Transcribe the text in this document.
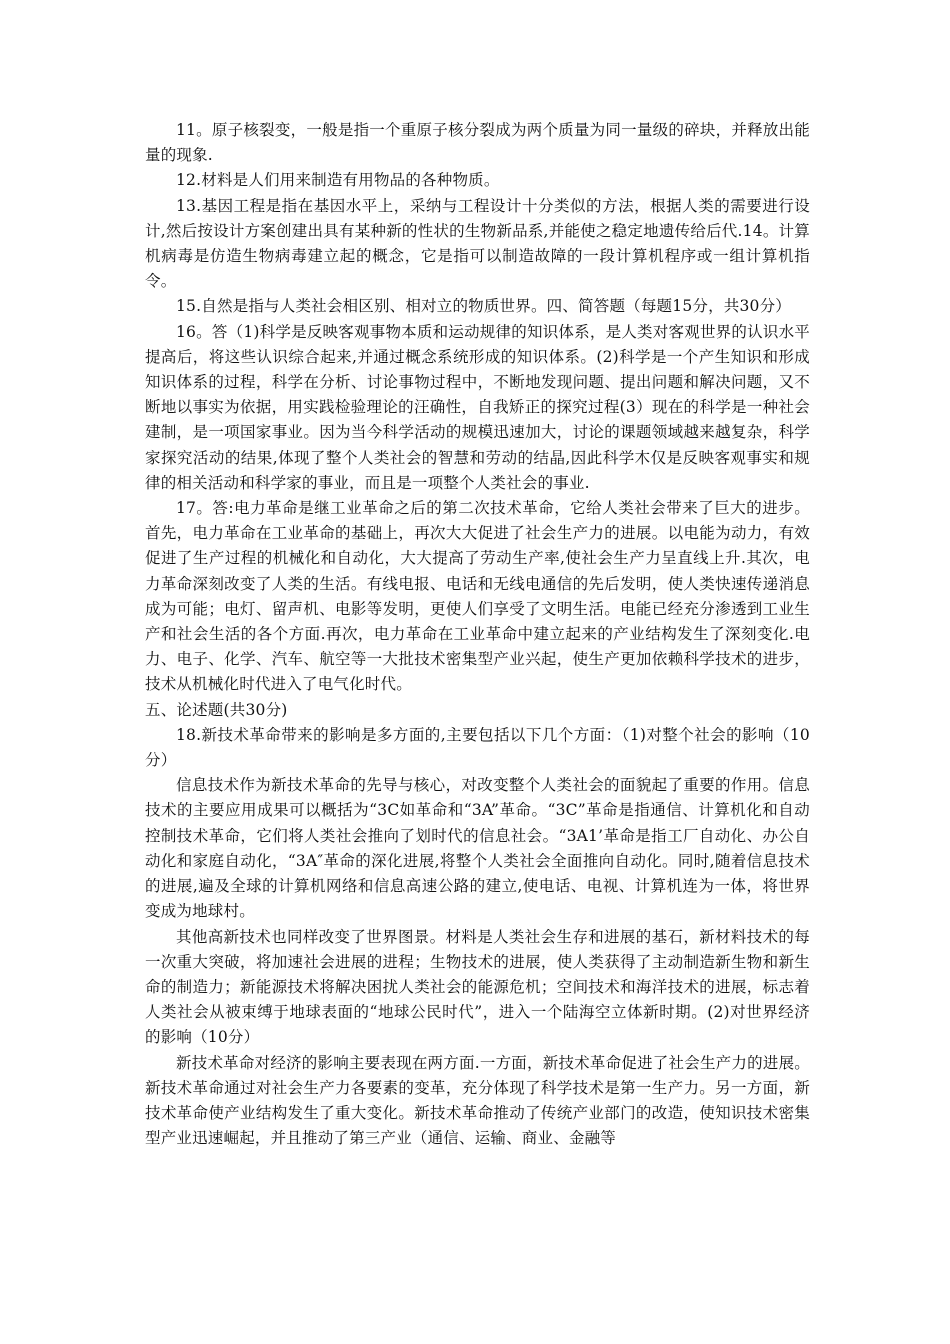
11。原子核裂变，一般是指一个重原子核分裂成为两个质量为同一量级的碎块，并释放出能量的现象.

12.材料是人们用来制造有用物品的各种物质。

13.基因工程是指在基因水平上，采纳与工程设计十分类似的方法，根据人类的需要进行设计,然后按设计方案创建出具有某种新的性状的生物新品系,并能使之稳定地遗传给后代.14。计算机病毒是仿造生物病毒建立起的概念，它是指可以制造故障的一段计算机程序或一组计算机指令。

15.自然是指与人类社会相区别、相对立的物质世界。四、简答题（每题15分，共30分）

16。答（1)科学是反映客观事物本质和运动规律的知识体系，是人类对客观世界的认识水平提高后，将这些认识综合起来,并通过概念系统形成的知识体系。(2)科学是一个产生知识和形成知识体系的过程，科学在分析、讨论事物过程中，不断地发现问题、提出问题和解决问题，又不断地以事实为依据，用实践检验理论的汪确性，自我矫正的探究过程(3）现在的科学是一种社会建制，是一项国家事业。因为当今科学活动的规模迅速加大，讨论的课题领域越来越复杂，科学家探究活动的结果,体现了整个人类社会的智慧和劳动的结晶,因此科学木仅是反映客观事实和规律的相关活动和科学家的事业，而且是一项整个人类社会的事业.

17。答:电力革命是继工业革命之后的第二次技术革命，它给人类社会带来了巨大的进步。首先，电力革命在工业革命的基础上，再次大大促进了社会生产力的进展。以电能为动力，有效促进了生产过程的机械化和自动化，大大提高了劳动生产率,使社会生产力呈直线上升.其次，电力革命深刻改变了人类的生活。有线电报、电话和无线电通信的先后发明，使人类快速传递消息成为可能；电灯、留声机、电影等发明，更使人们享受了文明生活。电能已经充分渗透到工业生产和社会生活的各个方面.再次，电力革命在工业革命中建立起来的产业结构发生了深刻变化.电力、电子、化学、汽车、航空等一大批技术密集型产业兴起，使生产更加依赖科学技术的进步，技术从机械化时代进入了电气化时代。

五、论述题(共30分)

18.新技术革命带来的影响是多方面的,主要包括以下几个方面：（1)对整个社会的影响（10分）

信息技术作为新技术革命的先导与核心，对改变整个人类社会的面貌起了重要的作用。信息技术的主要应用成果可以概括为“3C如革命和“3A”革命。“3C”革命是指通信、计算机化和自动控制技术革命，它们将人类社会推向了划时代的信息社会。“3A1’革命是指工厂自动化、办公自动化和家庭自动化，“3A″革命的深化进展,将整个人类社会全面推向自动化。同时,随着信息技术的进展,遍及全球的计算机网络和信息高速公路的建立,使电话、电视、计算机连为一体，将世界变成为地球村。

其他高新技术也同样改变了世界图景。材料是人类社会生存和进展的基石，新材料技术的每一次重大突破，将加速社会进展的进程；生物技术的进展，使人类获得了主动制造新生物和新生命的制造力；新能源技术将解决困扰人类社会的能源危机；空间技术和海洋技术的进展，标志着人类社会从被束缚于地球表面的“地球公民时代”，进入一个陆海空立体新时期。(2)对世界经济的影响（10分）

新技术革命对经济的影响主要表现在两方面.一方面，新技术革命促进了社会生产力的进展。新技术革命通过对社会生产力各要素的变革，充分体现了科学技术是第一生产力。另一方面，新技术革命使产业结构发生了重大变化。新技术革命推动了传统产业部门的改造，使知识技术密集型产业迅速崛起，并且推动了第三产业（通信、运输、商业、金融等
